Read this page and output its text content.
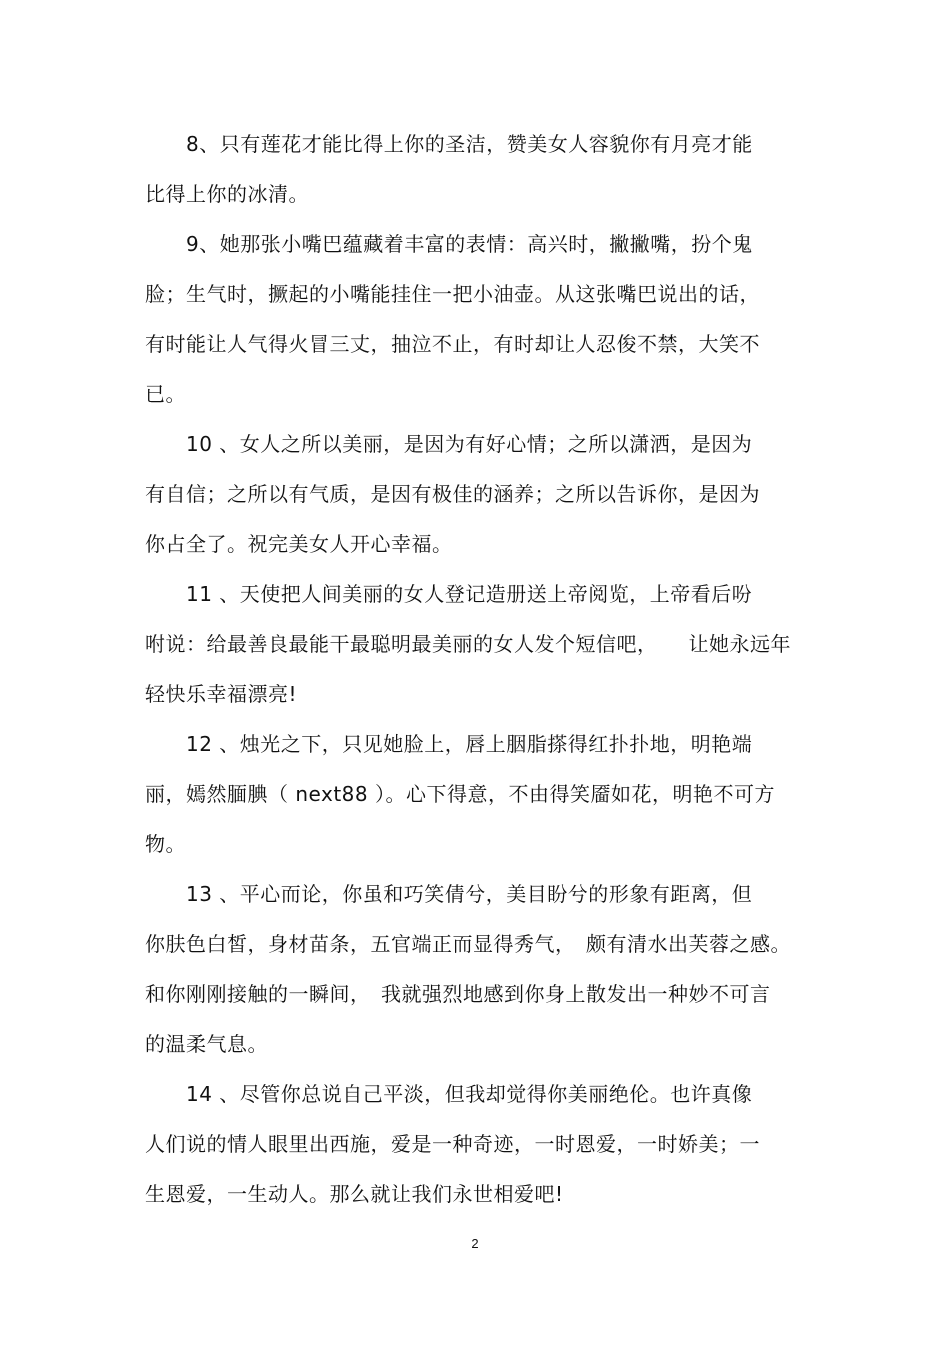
8、只有莲花才能比得上你的圣洁，赞美女人容貌你有月亮才能
比得上你的冰清。
9、她那张小嘴巴蕴藏着丰富的表情：高兴时，撇撇嘴，扮个鬼
脸；生气时，撅起的小嘴能挂住一把小油壶。从这张嘴巴说出的话，
有时能让人气得火冒三丈，抽泣不止，有时却让人忍俊不禁，大笑不
已。
10 、女人之所以美丽，是因为有好心情；之所以潇洒，是因为
有自信；之所以有气质，是因有极佳的涵养；之所以告诉你，是因为
你占全了。祝完美女人开心幸福。
11 、天使把人间美丽的女人登记造册送上帝阅览，上帝看后吩
咐说：给最善良最能干最聪明最美丽的女人发个短信吧，　　让她永远年
轻快乐幸福漂亮!
12 、烛光之下，只见她脸上，唇上胭脂搽得红扑扑地，明艳端
丽，嫣然腼腆（ next88 ）。心下得意，不由得笑靥如花，明艳不可方
物。
13 、平心而论，你虽和巧笑倩兮，美目盼兮的形象有距离，但
你肤色白皙，身材苗条，五官端正而显得秀气，　颇有清水出芙蓉之感。
和你刚刚接触的一瞬间，　我就强烈地感到你身上散发出一种妙不可言
的温柔气息。
14 、尽管你总说自己平淡，但我却觉得你美丽绝伦。也许真像
人们说的情人眼里出西施，爱是一种奇迹，一时恩爱，一时娇美；一
生恩爱，一生动人。那么就让我们永世相爱吧!
2
